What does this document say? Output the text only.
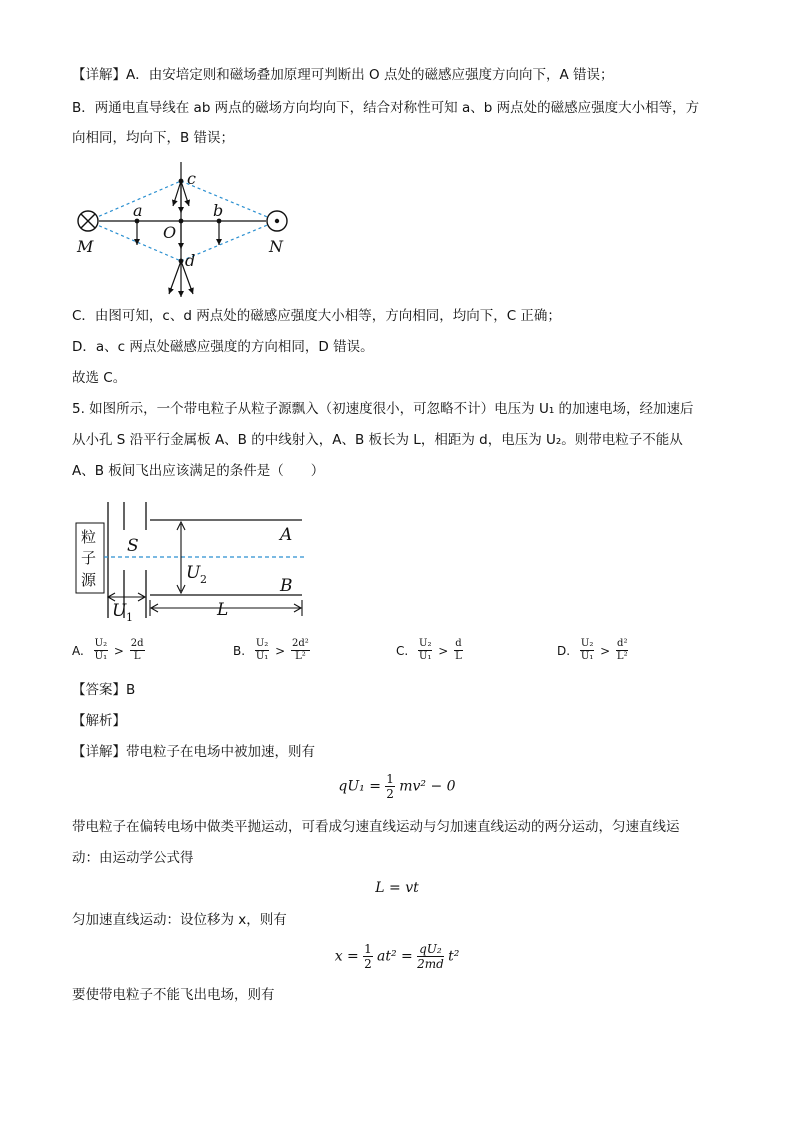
【详解】A．由安培定则和磁场叠加原理可判断出 O 点处的磁感应强度方向向下，A 错误；
B．两通电直导线在 ab 两点的磁场方向均向下，结合对称性可知 a、b 两点处的磁感应强度大小相等，方
向相同，均向下，B 错误；
c
a	b
O
M	N
d
C．由图可知，c、d 两点处的磁感应强度大小相等，方向相同，均向下，C 正确；
D．a、c 两点处磁感应强度的方向相同，D 错误。
故选 C。
5. 如图所示，一个带电粒子从粒子源飘入（初速度很小，可忽略不计）电压为 U₁ 的加速电场，经加速后
从小孔 S 沿平行金属板 A、B 的中线射入，A、B 板长为 L，相距为 d，电压为 U₂。则带电粒子不能从
A、B 板间飞出应该满足的条件是（　　）
粒
子
源
S
A
U
B
U	L
2
1
A. $\frac{\text{U₂}}{\text{U₁}} > \frac{2d}{L}$	B. $\frac{\text{U₂}}{\text{U₁}} > \frac{\text{2d²}}{\text{L²}}$	C. $\frac{\text{U₂}}{\text{U₁}} > \frac{d}{L}$	D. $\frac{\text{U₂}}{\text{U₁}} > \frac{\text{d²}}{\text{L²}}$
【答案】B
【解析】
【详解】带电粒子在电场中被加速，则有
$qU_1 = \frac{1}{2} mv^2 - 0$
带电粒子在偏转电场中做类平抛运动，可看成匀速直线运动与匀加速直线运动的两分运动，匀速直线运
动：由运动学公式得
L = vt
匀加速直线运动：设位移为 x，则有
$x = \frac{1}{2} at^2 = \frac{\text{qU₂}}{2md} t^2$
要使带电粒子不能飞出电场，则有
